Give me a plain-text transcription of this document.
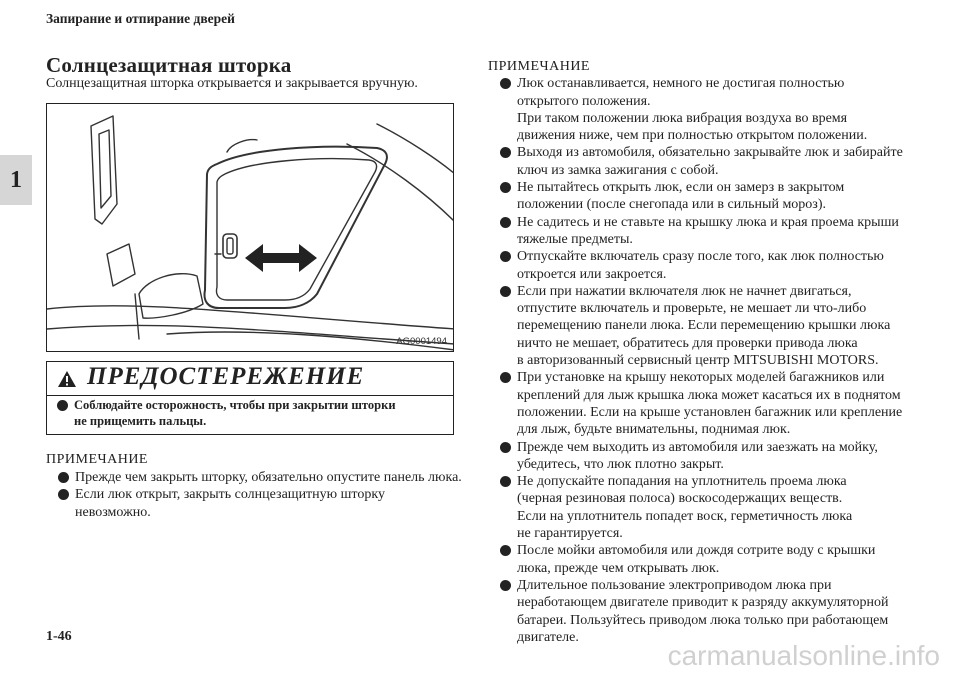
Запирание и отпирание дверей
1
Солнцезащитная шторка
Солнцезащитная шторка открывается и закрывается вручную.
AG0001494
ПРЕДОСТЕРЕЖЕНИЕ
Соблюдайте осторожность, чтобы при закрытии шторки
не прищемить пальцы.
ПРИМЕЧАНИЕ
Прежде чем закрыть шторку, обязательно опустите панель люка.
Если люк открыт, закрыть солнцезащитную шторку
невозможно.
ПРИМЕЧАНИЕ
Люк останавливается, немного не достигая полностью
открытого положения.
При таком положении люка вибрация воздуха во время
движения ниже, чем при полностью открытом положении.
Выходя из автомобиля, обязательно закрывайте люк и забирайте
ключ из замка зажигания с собой.
Не пытайтесь открыть люк, если он замерз в закрытом
положении (после снегопада или в сильный мороз).
Не садитесь и не ставьте на крышку люка и края проема крыши
тяжелые предметы.
Отпускайте включатель сразу после того, как люк полностью
откроется или закроется.
Если при нажатии включателя люк не начнет двигаться,
отпустите включатель и проверьте, не мешает ли что-либо
перемещению панели люка. Если перемещению крышки люка
ничто не мешает, обратитесь для проверки привода люка
в авторизованный сервисный центр MITSUBISHI MOTORS.
При установке на крышу некоторых моделей багажников или
креплений для лыж крышка люка может касаться их в поднятом
положении. Если на крыше установлен багажник или крепление
для лыж, будьте внимательны, поднимая люк.
Прежде чем выходить из автомобиля или заезжать на мойку,
убедитесь, что люк плотно закрыт.
Не допускайте попадания на уплотнитель проема люка
(черная резиновая полоса) воскосодержащих веществ.
Если на уплотнитель попадет воск, герметичность люка
не гарантируется.
После мойки автомобиля или дождя сотрите воду с крышки
люка, прежде чем открывать люк.
Длительное пользование электроприводом люка при
неработающем двигателе приводит к разряду аккумуляторной
батареи. Пользуйтесь приводом люка только при работающем
двигателе.
1-46
carmanualsonline.info
